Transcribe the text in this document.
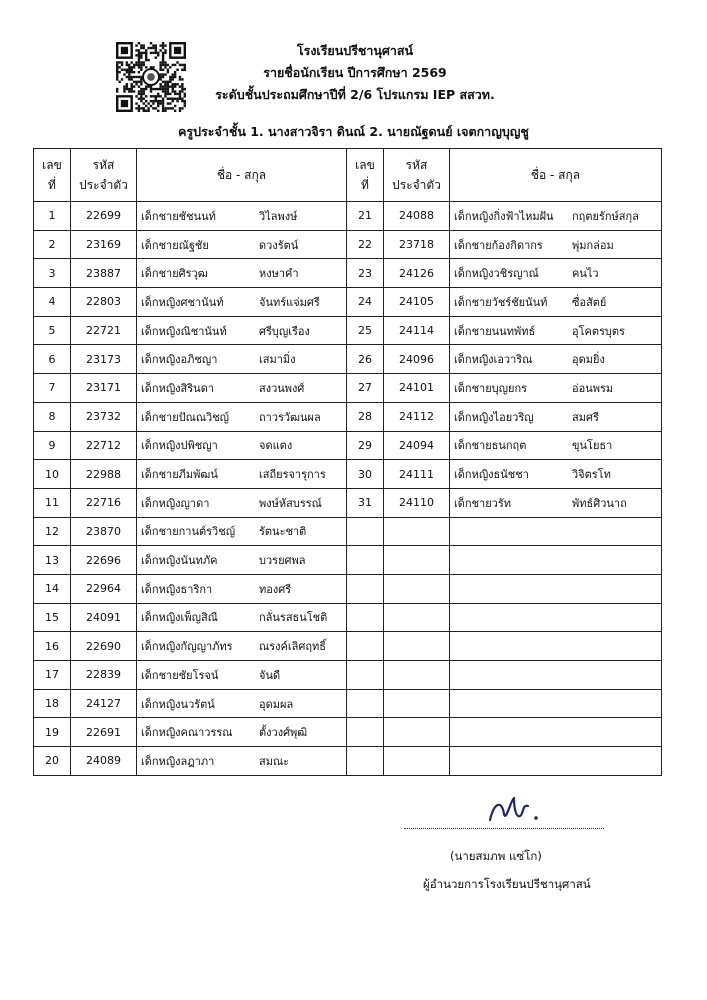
โรงเรียนปรีชานุศาสน์
รายชื่อนักเรียน ปีการศึกษา 2569
ระดับชั้นประถมศึกษาปีที่ 2/6 โปรแกรม IEP สสวท.
ครูประจำชั้น 1. นางสาวจิรา ดินณ์ 2. นายณัฐดนย์ เจตกาญบุญชู
เลข
ที่	รหัส
ประจำตัว	ชื่อ - สกุล	เลข
ที่	รหัส
ประจำตัว	ชื่อ - สกุล
1	22699	เด็กชายชัชนนท์ วิไลพงษ์	21	24088	เด็กหญิงกิ่งฟ้าไหมฝัน กฤตยรักษ์สกุล

2	23169	เด็กชายณัฐชัย ดวงรัตน์	22	23718	เด็กชายก้องกิดากร พุ่มกล่อม

3	23887	เด็กชายศิรวุฒ หงษาคำ	23	24126	เด็กหญิงวชิรญาณ์ คนไว

4	22803	เด็กหญิงศชานันท์ จันทร์แจ่มศรี	24	24105	เด็กชายวัชร์ชัยนันท์ ซื่อสัตย์

5	22721	เด็กหญิงณิชานันท์ ศรีบุญเรือง	25	24114	เด็กชายนนทพัทธ์ อุโคตรบุตร

6	23173	เด็กหญิงอภิชญา เสมามิ่ง	26	24096	เด็กหญิงเอวาริณ อุดมยิ่ง

7	23171	เด็กหญิงสิรินดา สงวนพงศ์	27	24101	เด็กชายบุญยกร อ่อนพรม

8	23732	เด็กชายปัณณวิชญ์ ถาวรวัฒนผล	28	24112	เด็กหญิงไอยวริญ สมศรี

9	22712	เด็กหญิงปพิชญา จดแตง	29	24094	เด็กชายธนกฤต ขุนโยธา

10	22988	เด็กชายภีมพัฒน์ เสถียรจารุการ	30	24111	เด็กหญิงธนัชชา วิจิตรโท

11	22716	เด็กหญิงญาดา พงษ์หัสบรรณ์	31	24110	เด็กชายวรัท พัทธ์ศิวนาถ

12	23870	เด็กชายกานต์รวิชญ์ รัตนะชาติ			

13	22696	เด็กหญิงนันทภัค บวรยศพล			

14	22964	เด็กหญิงธาริกา ทองศรี			

15	24091	เด็กหญิงเพ็ญสิณี กลั่นรสธนโชติ			

16	22690	เด็กหญิงกัญญาภัทร ณรงค์เลิศฤทธิ์			

17	22839	เด็กชายชัยโรจน์ จันดี			

18	24127	เด็กหญิงนวรัตน์ อุดมผล			

19	22691	เด็กหญิงคณาวรรณ ตั้งวงศ์พุฒิ			

20	24089	เด็กหญิงลฎาภา สมณะ			

(นายสมภพ แซ่โก)
ผู้อำนวยการโรงเรียนปรีชานุศาสน์
